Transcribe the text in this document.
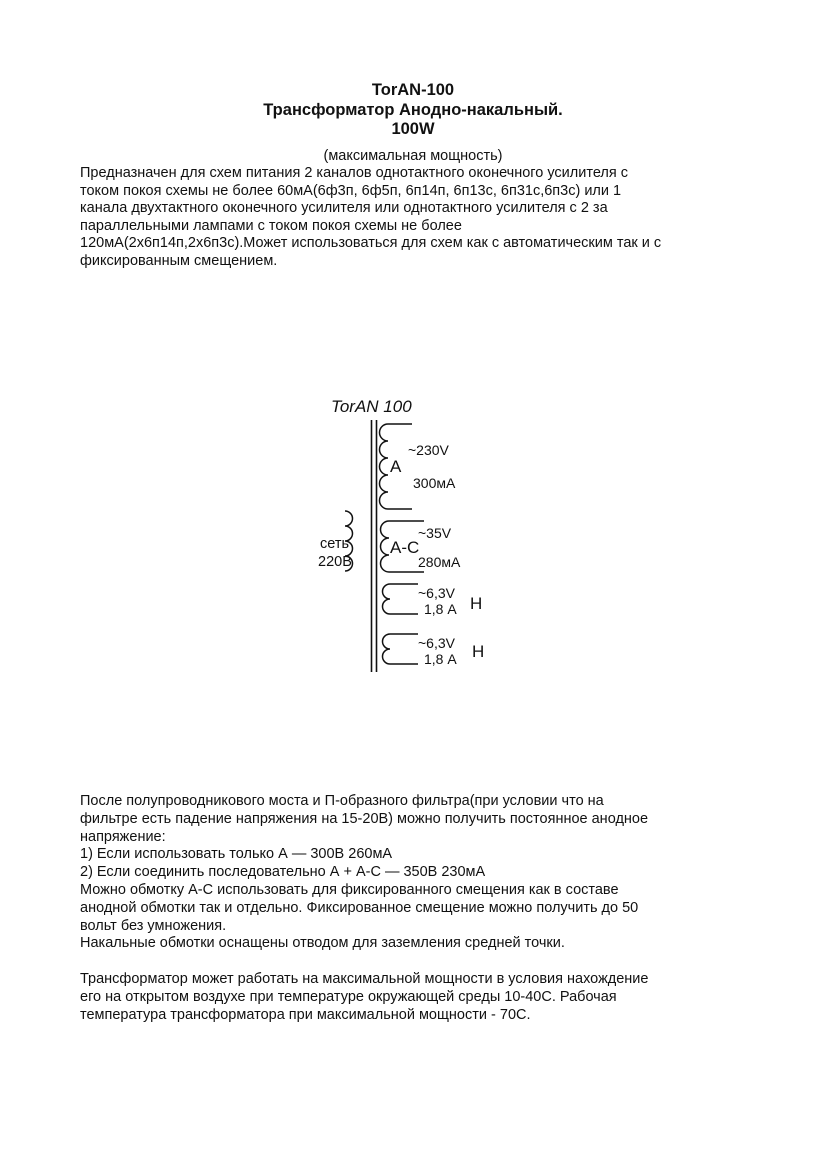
TorAN-100
Трансформатор Анодно-накальный.
100W
(максимальная мощность)

Предназначен для схем питания 2 каналов однотактного оконечного усилителя с

током покоя схемы не более 60мА(6ф3п, 6ф5п, 6п14п, 6п13с, 6п31с,6п3с) или 1

канала двухтактного оконечного усилителя или однотактного усилителя с 2 за

параллельными лампами с током покоя схемы не более

120мА(2х6п14п,2х6п3с).Может использоваться для схем как с автоматическим так и с

фиксированным смещением.

TorAN 100
сеть
220В
~230V
А
300мА
~35V
А-С
280мА
~6,3V
1,8 А Н
~6,3V
1,8 А Н

После полупроводникового моста и П-образного фильтра(при условии что на

фильтре есть падение напряжения на 15-20В) можно получить постоянное анодное

напряжение:

1) Если использовать только А — 300В 260мА

2) Если соединить последовательно А + А-С — 350В 230мА

Можно обмотку А-С использовать для фиксированного смещения как в составе

анодной обмотки так и отдельно. Фиксированное смещение можно получить до 50

вольт без умножения.

Накальные обмотки оснащены отводом для заземления средней точки.

Трансформатор может работать на максимальной мощности в условия нахождение

его на открытом воздухе при температуре окружающей среды 10-40С. Рабочая

температура трансформатора при максимальной мощности - 70С.
